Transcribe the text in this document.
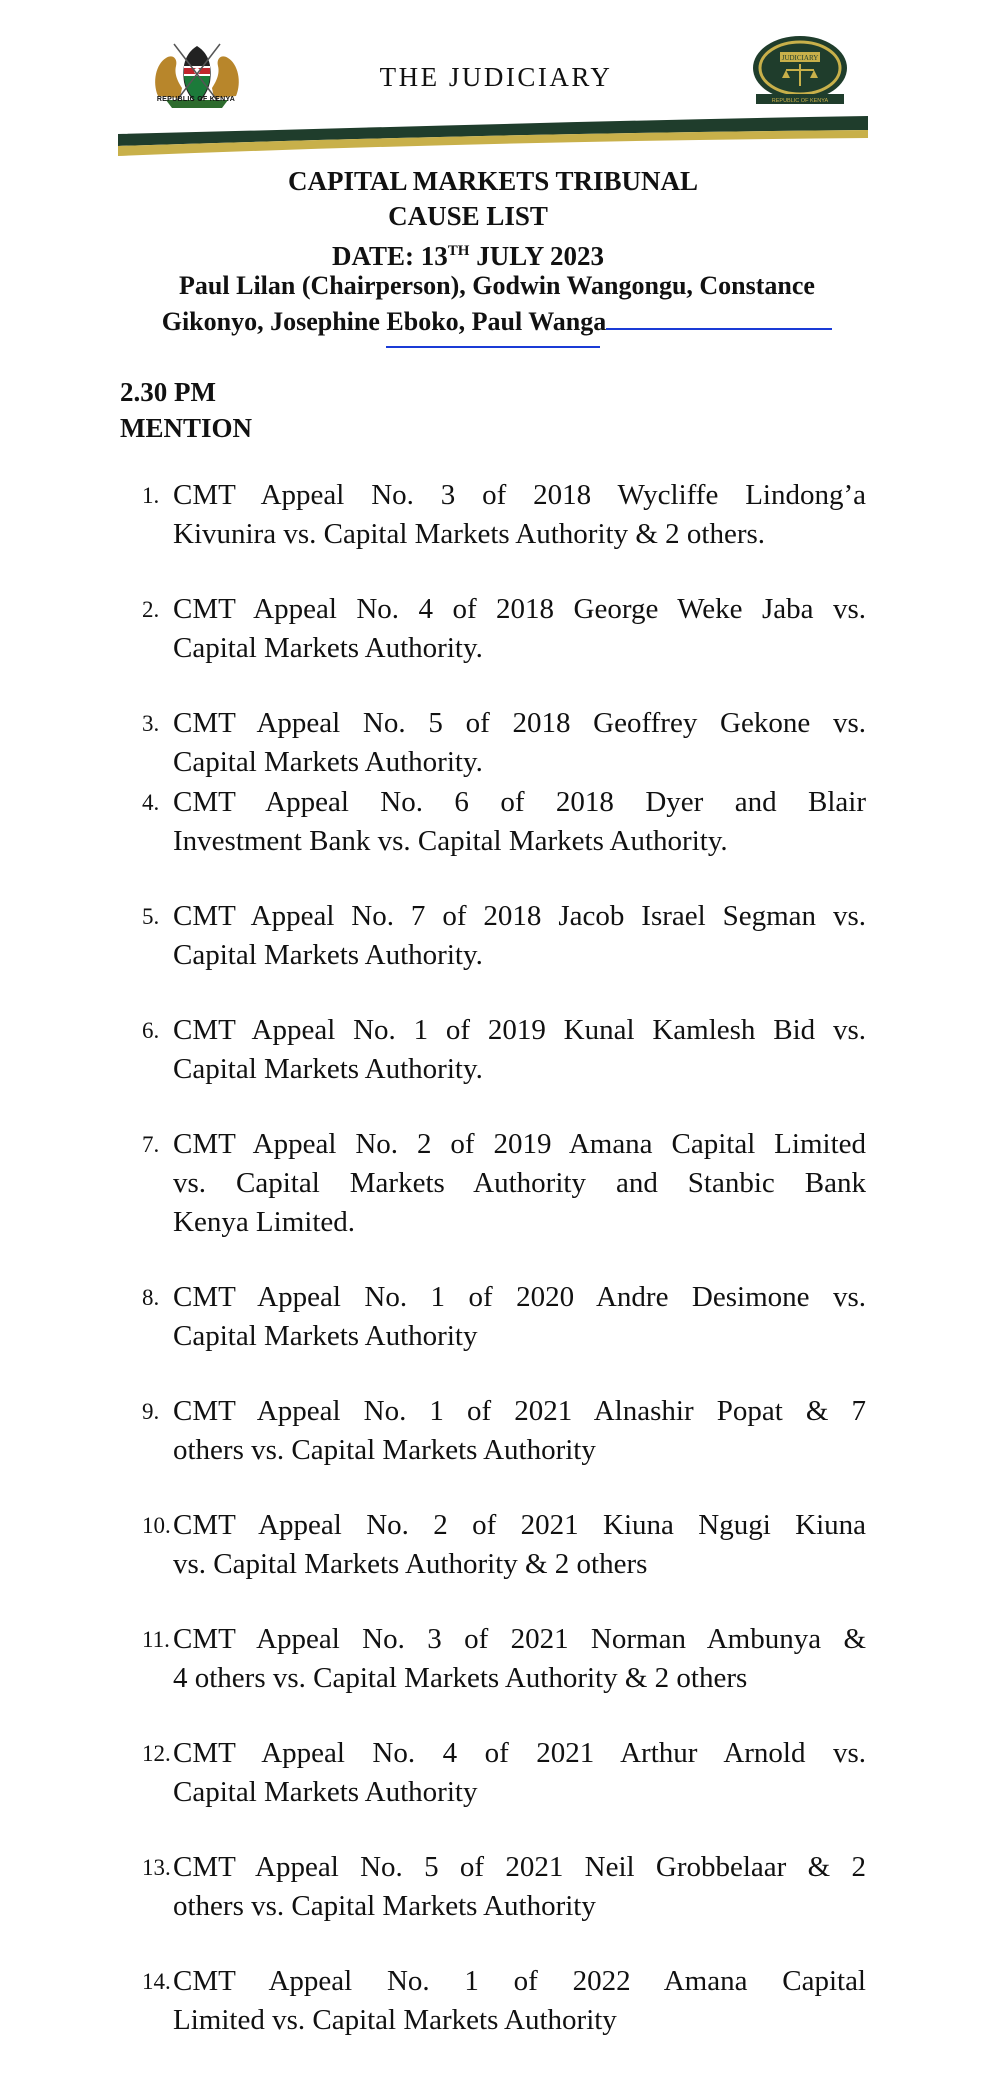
REPUBLIC OF KENYA
THE JUDICIARY
JUDICIARY
REPUBLIC OF KENYA
CAPITAL MARKETS TRIBUNAL
CAUSE LIST
DATE: 13TH JULY 2023
Paul Lilan (Chairperson), Godwin Wangongu, Constance
Gikonyo, Josephine Eboko, Paul Wanga
2.30 PM
MENTION
1. CMT Appeal No. 3 of 2018 Wycliffe Lindong’a
Kivunira vs. Capital Markets Authority & 2 others.
2. CMT Appeal No. 4 of 2018 George Weke Jaba vs.
Capital Markets Authority.
3. CMT Appeal No. 5 of 2018 Geoffrey Gekone vs.
Capital Markets Authority.
4. CMT Appeal No. 6 of 2018 Dyer and Blair
Investment Bank vs. Capital Markets Authority.
5. CMT Appeal No. 7 of 2018 Jacob Israel Segman vs.
Capital Markets Authority.
6. CMT Appeal No. 1 of 2019 Kunal Kamlesh Bid vs.
Capital Markets Authority.
7. CMT Appeal No. 2 of 2019 Amana Capital Limited
vs. Capital Markets Authority and Stanbic Bank
Kenya Limited.
8. CMT Appeal No. 1 of 2020 Andre Desimone vs.
Capital Markets Authority
9. CMT Appeal No. 1 of 2021 Alnashir Popat & 7
others vs. Capital Markets Authority
10. CMT Appeal No. 2 of 2021 Kiuna Ngugi Kiuna
vs. Capital Markets Authority & 2 others
11. CMT Appeal No. 3 of 2021 Norman Ambunya &
4 others vs. Capital Markets Authority & 2 others
12. CMT Appeal No. 4 of 2021 Arthur Arnold vs.
Capital Markets Authority
13. CMT Appeal No. 5 of 2021 Neil Grobbelaar & 2
others vs. Capital Markets Authority
14. CMT Appeal No. 1 of 2022 Amana Capital
Limited vs. Capital Markets Authority
